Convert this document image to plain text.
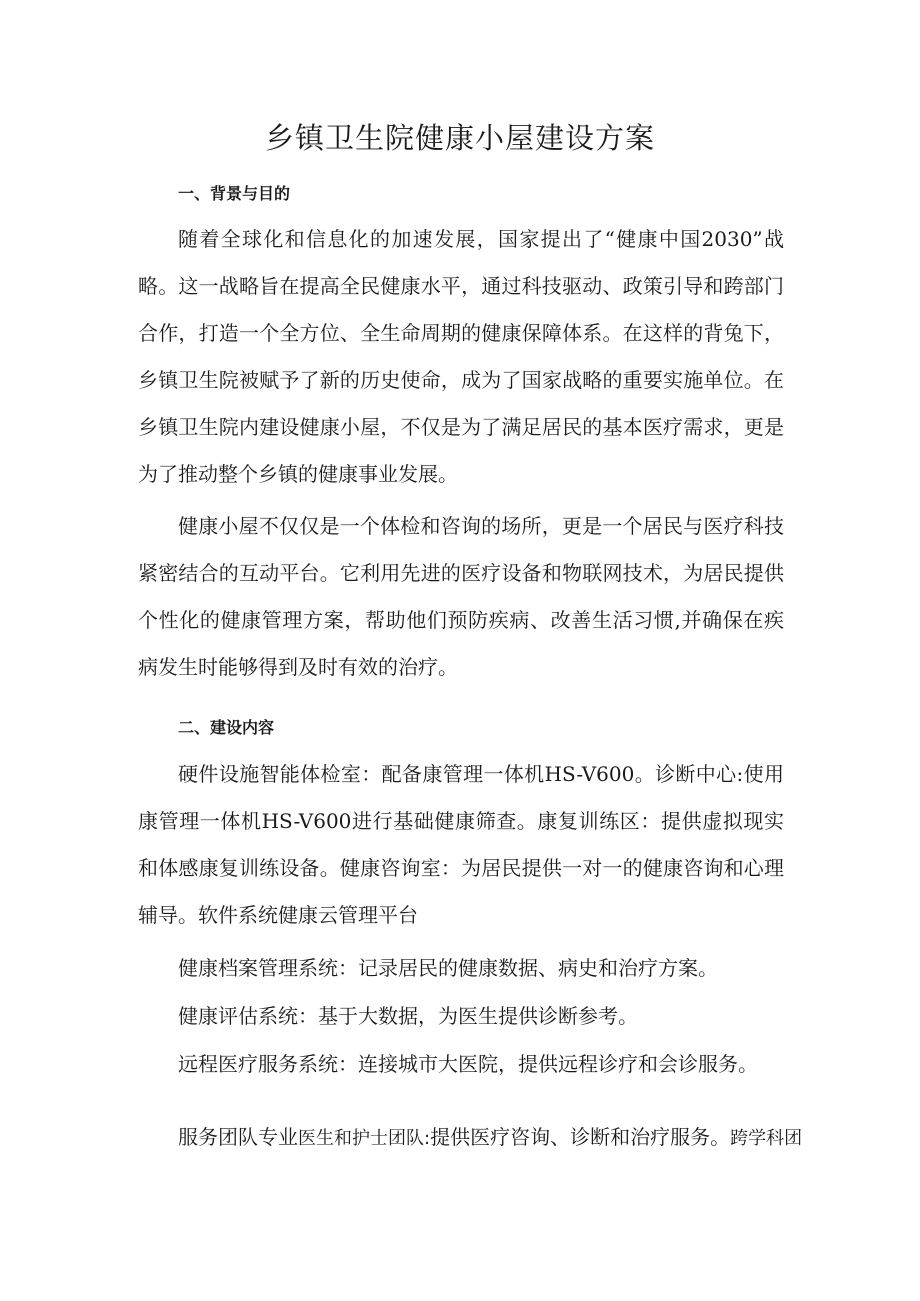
乡镇卫生院健康小屋建设方案
一、背景与目的

随着全球化和信息化的加速发展，国家提出了“健康中国2030”战略。这一战略旨在提高全民健康水平，通过科技驱动、政策引导和跨部门合作，打造一个全方位、全生命周期的健康保障体系。在这样的背兔下，乡镇卫生院被赋予了新的历史使命，成为了国家战略的重要实施单位。在乡镇卫生院内建设健康小屋，不仅是为了满足居民的基本医疗需求，更是为了推动整个乡镇的健康事业发展。

健康小屋不仅仅是一个体检和咨询的场所，更是一个居民与医疗科技紧密结合的互动平台。它利用先进的医疗设备和物联网技术，为居民提供个性化的健康管理方案，帮助他们预防疾病、改善生活习惯,并确保在疾病发生时能够得到及时有效的治疗。

二、建设内容

硬件设施智能体检室：配备康管理一体机HS-V600。诊断中心:使用康管理一体机HS-V600进行基础健康筛查。康复训练区：提供虚拟现实和体感康复训练设备。健康咨询室：为居民提供一对一的健康咨询和心理辅导。软件系统健康云管理平台

健康档案管理系统：记录居民的健康数据、病史和治疗方案。

健康评估系统：基于大数据，为医生提供诊断参考。

远程医疗服务系统：连接城市大医院，提供远程诊疗和会诊服务。

服务团队专业医生和护士团队:提供医疗咨询、诊断和治疗服务。跨学科团
